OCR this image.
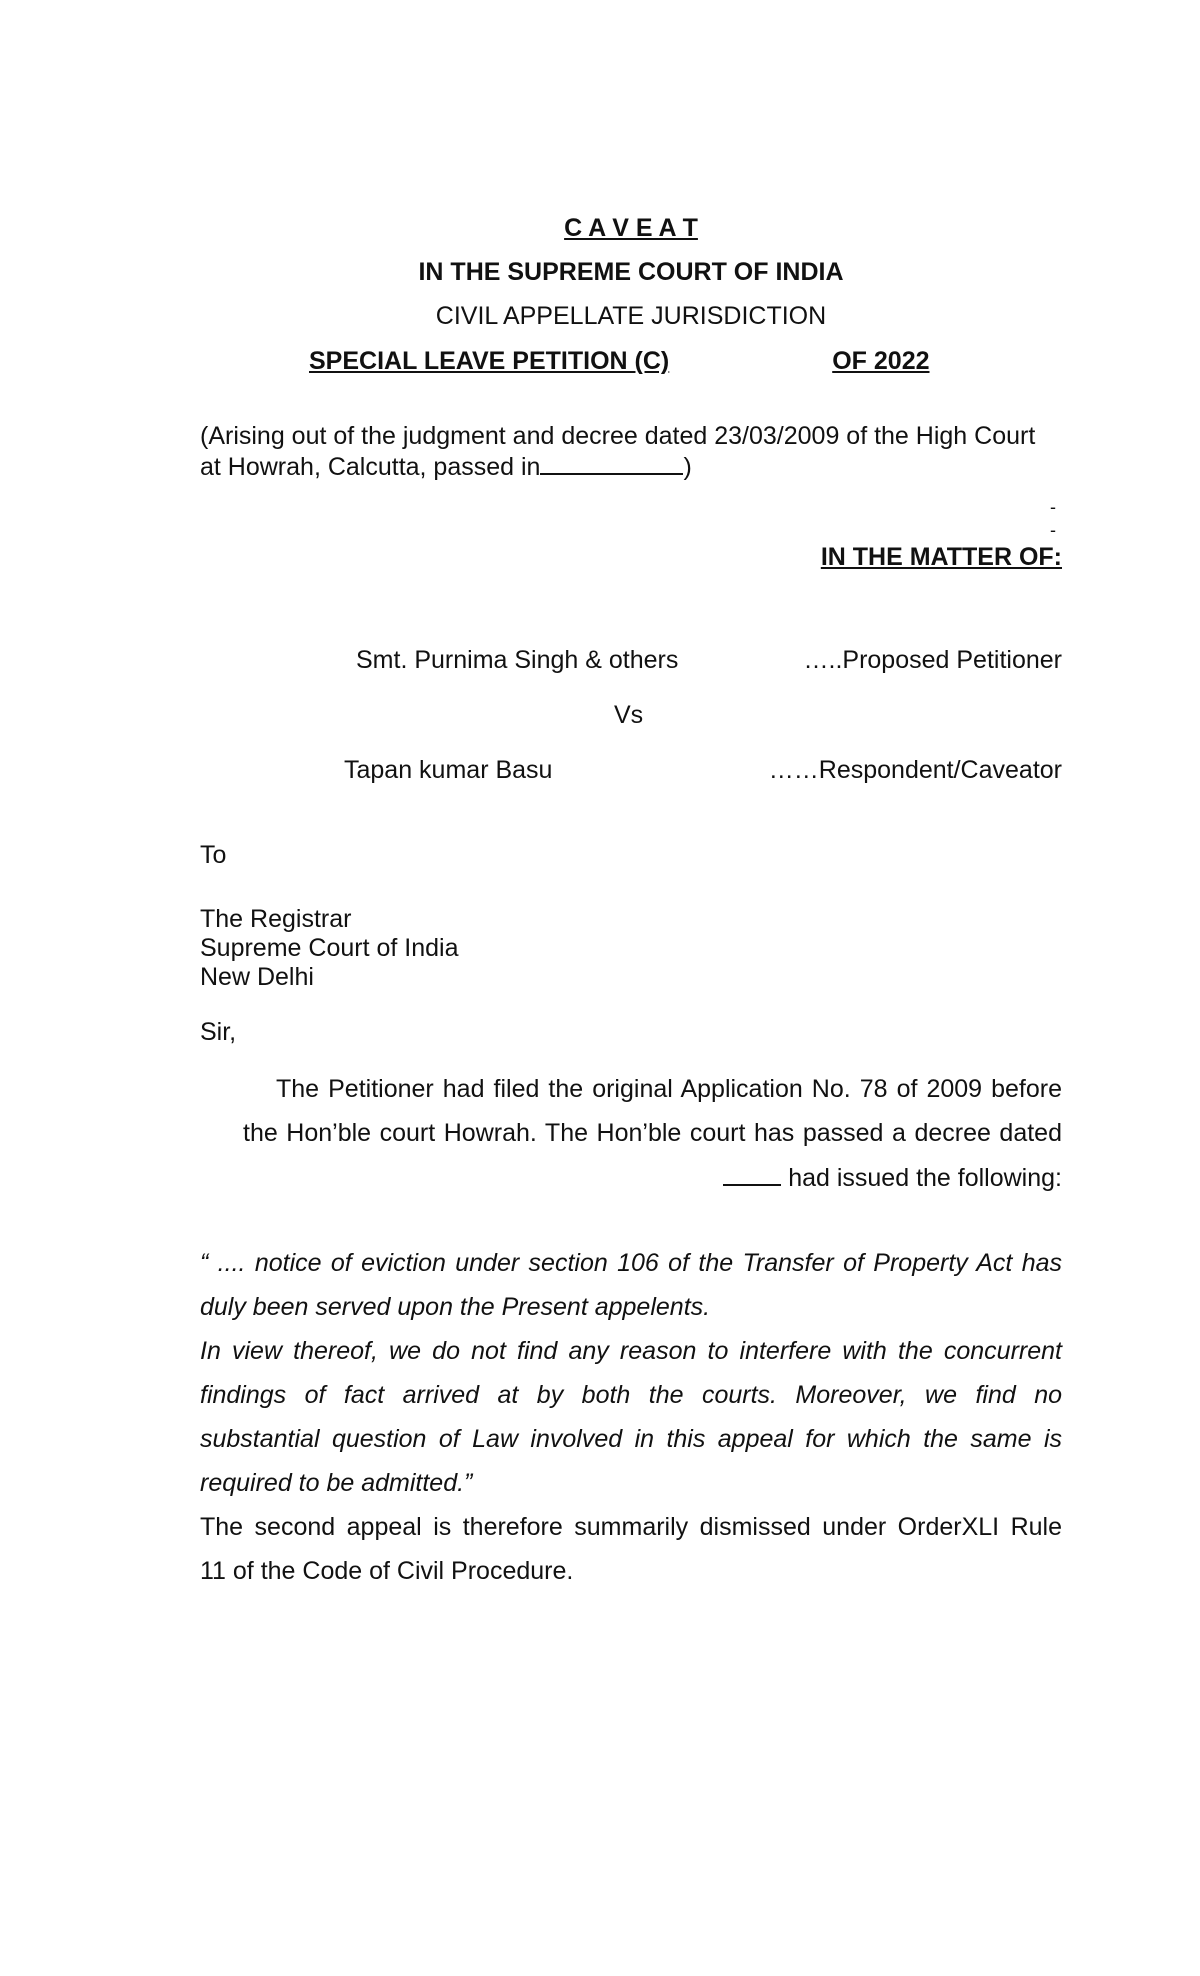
C A V E A T
IN THE SUPREME COURT OF INDIA
CIVIL APPELLATE JURISDICTION
SPECIAL LEAVE PETITION (C)	OF 2022
(Arising out of the judgment and decree dated 23/03/2009 of the High Court
at Howrah, Calcutta, passed in	)
-
-
IN THE MATTER OF:
Smt. Purnima Singh & others	…..Proposed Petitioner
Vs
Tapan kumar Basu	……Respondent/Caveator
To
The Registrar
Supreme Court of India
New Delhi
Sir,
The Petitioner had filed the original Application No. 78 of 2009 before
the Hon’ble court Howrah. The Hon’ble court has passed a decree dated
had issued the following:
“ .... notice of eviction under section 106 of the Transfer of Property Act has
duly been served upon the Present appelents.
In view thereof, we do not find any reason to interfere with the concurrent
findings of fact arrived at by both the courts. Moreover, we find no
substantial question of Law involved in this appeal for which the same is
required to be admitted.”
The second appeal is therefore summarily dismissed under OrderXLI Rule
11 of the Code of Civil Procedure.
